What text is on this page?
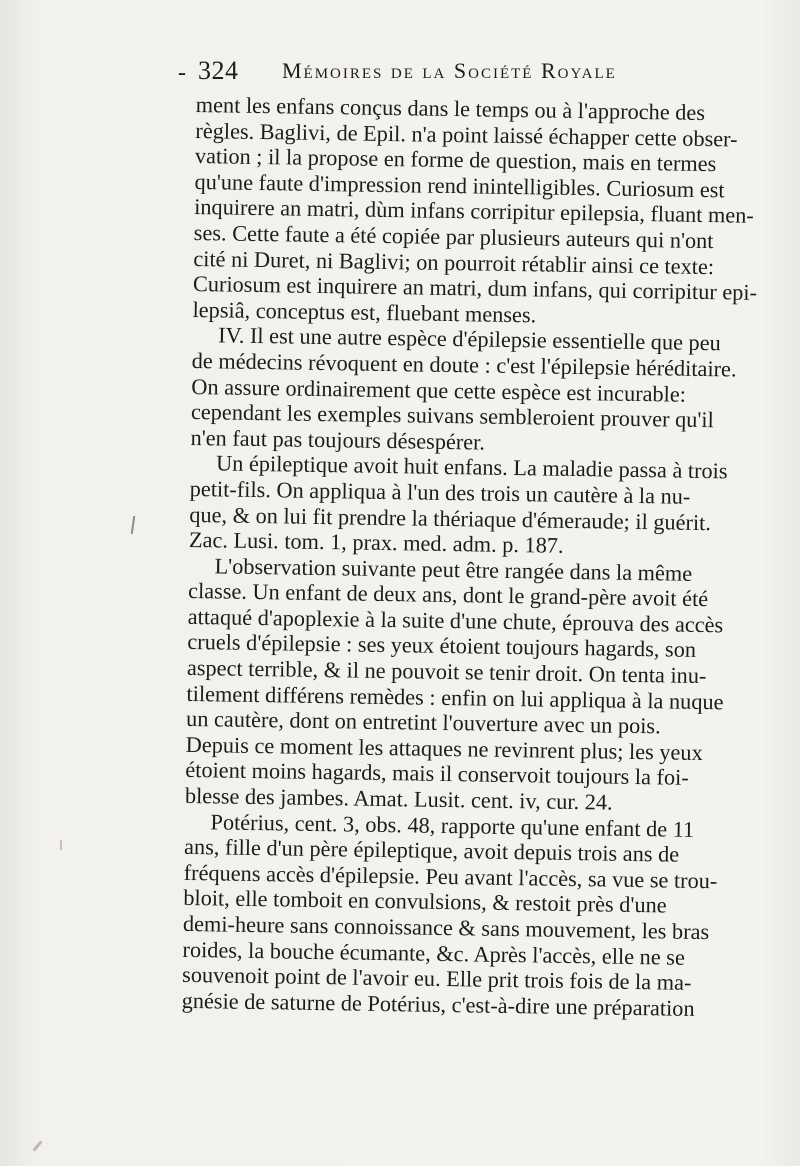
- 324 Mémoires de la Société Royale

ment les enfans conçus dans le temps ou à l'approche des
règles. Baglivi, de Epil. n'a point laissé échapper cette obser-
vation ; il la propose en forme de question, mais en termes
qu'une faute d'impression rend inintelligibles. Curiosum est
inquirere an matri, dùm infans corripitur epilepsia, fluant men-
ses. Cette faute a été copiée par plusieurs auteurs qui n'ont
cité ni Duret, ni Baglivi; on pourroit rétablir ainsi ce texte:
Curiosum est inquirere an matri, dum infans, qui corripitur epi-
lepsiâ, conceptus est, fluebant menses.

IV. Il est une autre espèce d'épilepsie essentielle que peu
de médecins révoquent en doute : c'est l'épilepsie héréditaire.
On assure ordinairement que cette espèce est incurable:
cependant les exemples suivans sembleroient prouver qu'il
n'en faut pas toujours désespérer.

Un épileptique avoit huit enfans. La maladie passa à trois
petit-fils. On appliqua à l'un des trois un cautère à la nu-
que, & on lui fit prendre la thériaque d'émeraude; il guérit.
Zac. Lusi. tom. 1, prax. med. adm. p. 187.

L'observation suivante peut être rangée dans la même
classe. Un enfant de deux ans, dont le grand-père avoit été
attaqué d'apoplexie à la suite d'une chute, éprouva des accès
cruels d'épilepsie : ses yeux étoient toujours hagards, son
aspect terrible, & il ne pouvoit se tenir droit. On tenta inu-
tilement différens remèdes : enfin on lui appliqua à la nuque
un cautère, dont on entretint l'ouverture avec un pois.
Depuis ce moment les attaques ne revinrent plus; les yeux
étoient moins hagards, mais il conservoit toujours la foi-
blesse des jambes. Amat. Lusit. cent. iv, cur. 24.

Potérius, cent. 3, obs. 48, rapporte qu'une enfant de 11
ans, fille d'un père épileptique, avoit depuis trois ans de
fréquens accès d'épilepsie. Peu avant l'accès, sa vue se trou-
bloit, elle tomboit en convulsions, & restoit près d'une
demi-heure sans connoissance & sans mouvement, les bras
roides, la bouche écumante, &c. Après l'accès, elle ne se
souvenoit point de l'avoir eu. Elle prit trois fois de la ma-
gnésie de saturne de Potérius, c'est-à-dire une préparation
